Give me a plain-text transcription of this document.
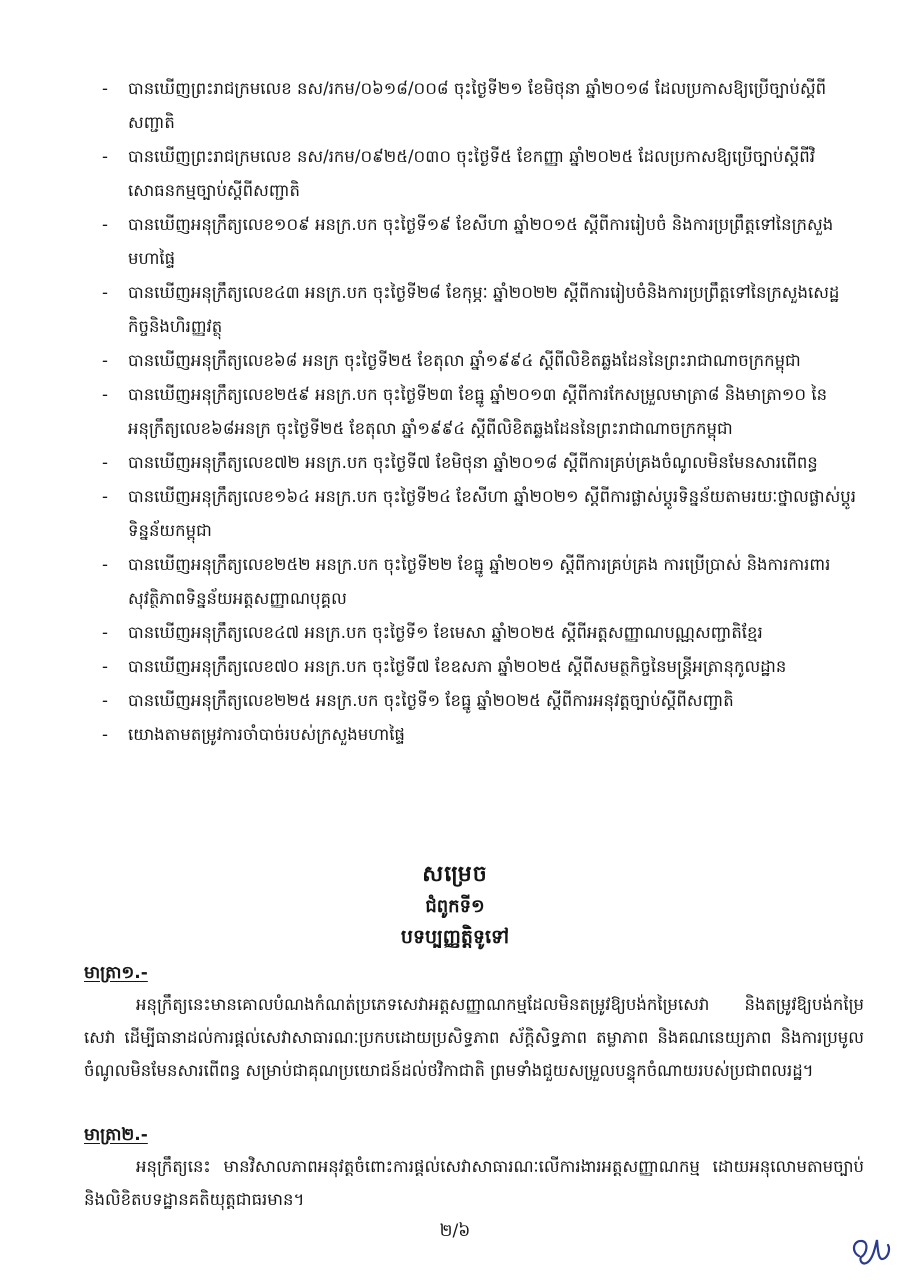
- បានឃើញព្រះរាជក្រមលេខ នស/រកម/០៦១៨/០០៨ ចុះថ្ងៃទី២១ ខែមិថុនា ឆ្នាំ២០១៨ ដែលប្រកាសឱ្យប្រើច្បាប់ស្តីពីសញ្ជាតិ
- បានឃើញព្រះរាជក្រមលេខ នស/រកម/០៩២៥/០៣០ ចុះថ្ងៃទី៥ ខែកញ្ញា ឆ្នាំ២០២៥ ដែលប្រកាសឱ្យប្រើច្បាប់ស្តីពីវិសោធនកម្មច្បាប់ស្តីពីសញ្ជាតិ
- បានឃើញអនុក្រឹត្យលេខ១០៩ អនក្រ.បក ចុះថ្ងៃទី១៩ ខែសីហា ឆ្នាំ២០១៥ ស្តីពីការរៀបចំ និងការប្រព្រឹត្តទៅនៃក្រសួងមហាផ្ទៃ
- បានឃើញអនុក្រឹត្យលេខ៤៣ អនក្រ.បក ចុះថ្ងៃទី២៨ ខែកុម្ភៈ ឆ្នាំ២០២២ ស្តីពីការរៀបចំនិងការប្រព្រឹត្តទៅនៃក្រសួងសេដ្ឋកិច្ចនិងហិរញ្ញវត្ថុ
- បានឃើញអនុក្រឹត្យលេខ៦៨ អនក្រ ចុះថ្ងៃទី២៥ ខែតុលា ឆ្នាំ១៩៩៤ ស្តីពីលិខិតឆ្លងដែននៃព្រះរាជាណាចក្រកម្ពុជា
- បានឃើញអនុក្រឹត្យលេខ២៥៩ អនក្រ.បក ចុះថ្ងៃទី២៣ ខែធ្នូ ឆ្នាំ២០១៣ ស្តីពីការកែសម្រួលមាត្រា៨ និងមាត្រា១០ នៃអនុក្រឹត្យលេខ៦៨អនក្រ ចុះថ្ងៃទី២៥ ខែតុលា ឆ្នាំ១៩៩៤ ស្តីពីលិខិតឆ្លងដែននៃព្រះរាជាណាចក្រកម្ពុជា
- បានឃើញអនុក្រឹត្យលេខ៧២ អនក្រ.បក ចុះថ្ងៃទី៧ ខែមិថុនា ឆ្នាំ២០១៨ ស្តីពីការគ្រប់គ្រងចំណូលមិនមែនសារពើពន្ធ
- បានឃើញអនុក្រឹត្យលេខ១៦៤ អនក្រ.បក ចុះថ្ងៃទី២៤ ខែសីហា ឆ្នាំ២០២១ ស្តីពីការផ្លាស់ប្តូរទិន្នន័យតាមរយៈថ្នាលផ្លាស់ប្តូរទិន្នន័យកម្ពុជា
- បានឃើញអនុក្រឹត្យលេខ២៥២ អនក្រ.បក ចុះថ្ងៃទី២២ ខែធ្នូ ឆ្នាំ២០២១ ស្តីពីការគ្រប់គ្រង ការប្រើប្រាស់ និងការការពារសុវត្ថិភាពទិន្នន័យអត្តសញ្ញាណបុគ្គល
- បានឃើញអនុក្រឹត្យលេខ៤៧ អនក្រ.បក ចុះថ្ងៃទី១ ខែមេសា ឆ្នាំ២០២៥ ស្តីពីអត្តសញ្ញាណបណ្ណសញ្ជាតិខ្មែរ
- បានឃើញអនុក្រឹត្យលេខ៧០ អនក្រ.បក ចុះថ្ងៃទី៧ ខែឧសភា ឆ្នាំ២០២៥ ស្តីពីសមត្ថកិច្ចនៃមន្ត្រីអត្រានុកូលដ្ឋាន
- បានឃើញអនុក្រឹត្យលេខ២២៥ អនក្រ.បក ចុះថ្ងៃទី១ ខែធ្នូ ឆ្នាំ២០២៥ ស្តីពីការអនុវត្តច្បាប់ស្តីពីសញ្ជាតិ
- យោងតាមតម្រូវការចាំបាច់របស់ក្រសួងមហាផ្ទៃ
សម្រេច
ជំពូកទី១
បទប្បញ្ញត្តិទូទៅ
មាត្រា១.-
អនុក្រឹត្យនេះមានគោលបំណងកំណត់ប្រភេទសេវាអត្តសញ្ញាណកម្មដែលមិនតម្រូវឱ្យបង់កម្រៃសេវា និងតម្រូវឱ្យបង់កម្រៃសេវា ដើម្បីធានាដល់ការផ្តល់សេវាសាធារណៈប្រកបដោយប្រសិទ្ធភាព ស័ក្តិសិទ្ធភាព តម្លាភាព និងគណនេយ្យភាព និងការប្រមូលចំណូលមិនមែនសារពើពន្ធ សម្រាប់ជាគុណប្រយោជន៍ដល់ថវិកាជាតិ ព្រមទាំងជួយសម្រួលបន្ទុកចំណាយរបស់ប្រជាពលរដ្ឋ។
មាត្រា២.-
អនុក្រឹត្យនេះ មានវិសាលភាពអនុវត្តចំពោះការផ្តល់សេវាសាធារណៈលើការងារអត្តសញ្ញាណកម្ម ដោយអនុលោមតាមច្បាប់ និងលិខិតបទដ្ឋានគតិយុត្តជាធរមាន។
២/៦
